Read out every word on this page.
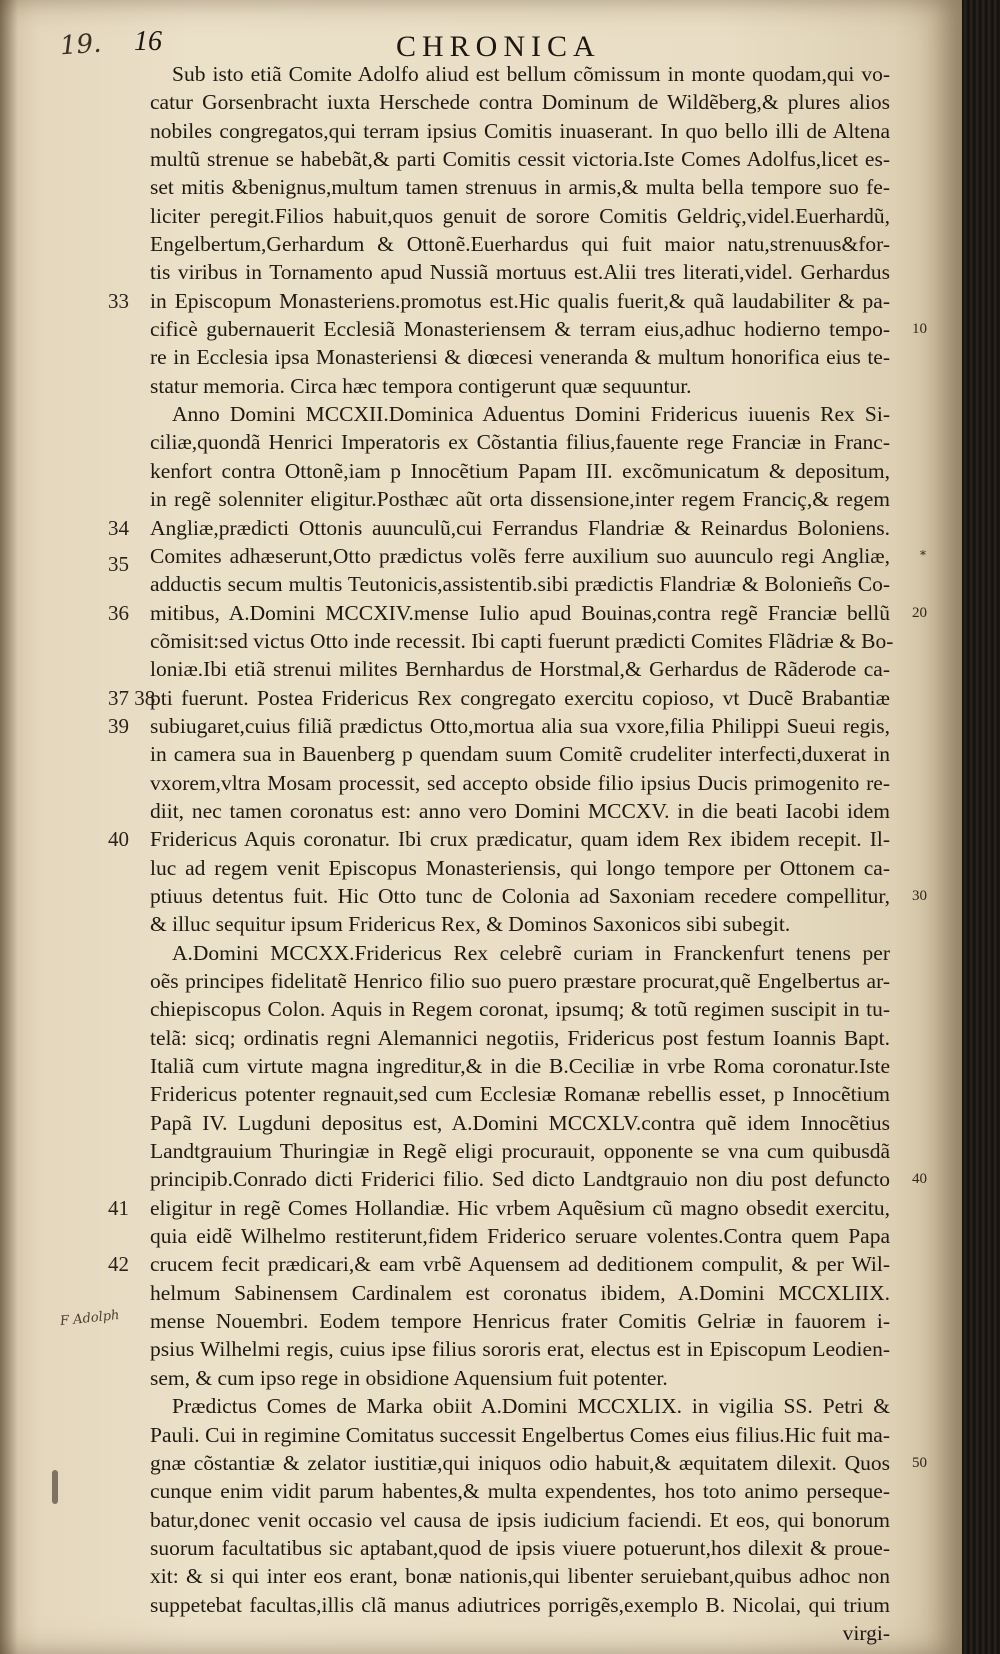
19. 16	CHRONICA
Sub isto etiã Comite Adolfo aliud est bellum cõmissum in monte quodam,qui vo-
catur Gorsenbracht iuxta Herschede contra Dominum de Wildẽberg,& plures alios
nobiles congregatos,qui terram ipsius Comitis inuaserant. In quo bello illi de Altena
multũ strenue se habebãt,& parti Comitis cessit victoria.Iste Comes Adolfus,licet es-
set mitis &benignus,multum tamen strenuus in armis,& multa bella tempore suo fe-
liciter peregit.Filios habuit,quos genuit de sorore Comitis Geldriç,videl.Euerhardũ,
Engelbertum,Gerhardum & Ottonẽ.Euerhardus qui fuit maior natu,strenuus&for-
tis viribus in Tornamento apud Nussiã mortuus est.Alii tres literati,videl. Gerhardus
33 in Episcopum Monasteriens.promotus est.Hic qualis fuerit,& quã laudabiliter & pa-
cificè gubernauerit Ecclesiã Monasteriensem & terram eius,adhuc hodierno tempo- 10
re in Ecclesia ipsa Monasteriensi & diœcesi veneranda & multum honorifica eius te-
statur memoria. Circa hæc tempora contigerunt quæ sequuntur.
Anno Domini MCCXII.Dominica Aduentus Domini Fridericus iuuenis Rex Si-
ciliæ,quondã Henrici Imperatoris ex Cõstantia filius,fauente rege Franciæ in Franc-
kenfort contra Ottonẽ,iam p Innocẽtium Papam III. excõmunicatum & depositum,
in regẽ solenniter eligitur.Posthæc aũt orta dissensione,inter regem Franciç,& regem
34 Angliæ,prædicti Ottonis auunculũ,cui Ferrandus Flandriæ & Reinardus Boloniens.
35 Comites adhæserunt,Otto prædictus volẽs ferre auxilium suo auunculo regi Angliæ,
adductis secum multis Teutonicis,assistentib.sibi prædictis Flandriæ & Bolonieñs Co-
36 mitibus, A.Domini MCCXIV.mense Iulio apud Bouinas,contra regẽ Franciæ bellũ 20
cõmisit:sed victus Otto inde recessit. Ibi capti fuerunt prædicti Comites Flãdriæ & Bo-
loniæ.Ibi etiã strenui milites Bernhardus de Horstmal,& Gerhardus de Rãderode ca-
37 38
pti fuerunt. Postea Fridericus Rex congregato exercitu copioso, vt Ducẽ Brabantiæ
39 subiugaret,cuius filiã prædictus Otto,mortua alia sua vxore,filia Philippi Sueui regis,
in camera sua in Bauenberg p quendam suum Comitẽ crudeliter interfecti,duxerat in
vxorem,vltra Mosam processit, sed accepto obside filio ipsius Ducis primogenito re-
diit, nec tamen coronatus est: anno vero Domini MCCXV. in die beati Iacobi idem
40 Fridericus Aquis coronatur. Ibi crux prædicatur, quam idem Rex ibidem recepit. Il-
luc ad regem venit Episcopus Monasteriensis, qui longo tempore per Ottonem ca-
ptiuus detentus fuit. Hic Otto tunc de Colonia ad Saxoniam recedere compellitur, 30
& illuc sequitur ipsum Fridericus Rex, & Dominos Saxonicos sibi subegit.
A.Domini MCCXX.Fridericus Rex celebrẽ curiam in Franckenfurt tenens per
oẽs principes fidelitatẽ Henrico filio suo puero præstare procurat,quẽ Engelbertus ar-
chiepiscopus Colon. Aquis in Regem coronat, ipsumq; & totũ regimen suscipit in tu-
telã: sicq; ordinatis regni Alemannici negotiis, Fridericus post festum Ioannis Bapt.
Italiã cum virtute magna ingreditur,& in die B.Ceciliæ in vrbe Roma coronatur.Iste
Fridericus potenter regnauit,sed cum Ecclesiæ Romanæ rebellis esset, p Innocẽtium
Papã IV. Lugduni depositus est, A.Domini MCCXLV.contra quẽ idem Innocẽtius
Landtgrauium Thuringiæ in Regẽ eligi procurauit, opponente se vna cum quibusdã
principib.Conrado dicti Friderici filio. Sed dicto Landtgrauio non diu post defuncto 40
41 eligitur in regẽ Comes Hollandiæ. Hic vrbem Aquẽsium cũ magno obsedit exercitu,
quia eidẽ Wilhelmo restiterunt,fidem Friderico seruare volentes.Contra quem Papa
42 crucem fecit prædicari,& eam vrbẽ Aquensem ad deditionem compulit, & per Wil-
helmum Sabinensem Cardinalem est coronatus ibidem, A.Domini MCCXLIIX.
mense Nouembri. Eodem tempore Henricus frater Comitis Gelriæ in fauorem i-
psius Wilhelmi regis, cuius ipse filius sororis erat, electus est in Episcopum Leodien-
sem, & cum ipso rege in obsidione Aquensium fuit potenter.
Prædictus Comes de Marka obiit A.Domini MCCXLIX. in vigilia SS. Petri &
Pauli. Cui in regimine Comitatus successit Engelbertus Comes eius filius.Hic fuit ma-
gnæ cõstantiæ & zelator iustitiæ,qui iniquos odio habuit,& æquitatem dilexit. Quos 50
cunque enim vidit parum habentes,& multa expendentes, hos toto animo perseque-
batur,donec venit occasio vel causa de ipsis iudicium faciendi. Et eos, qui bonorum
suorum facultatibus sic aptabant,quod de ipsis viuere potuerunt,hos dilexit & proue-
xit: & si qui inter eos erant, bonæ nationis,qui libenter seruiebant,quibus adhoc non
suppetebat facultas,illis clã manus adiutrices porrigẽs,exemplo B. Nicolai, qui trium
virgi-
F Adolph
*
